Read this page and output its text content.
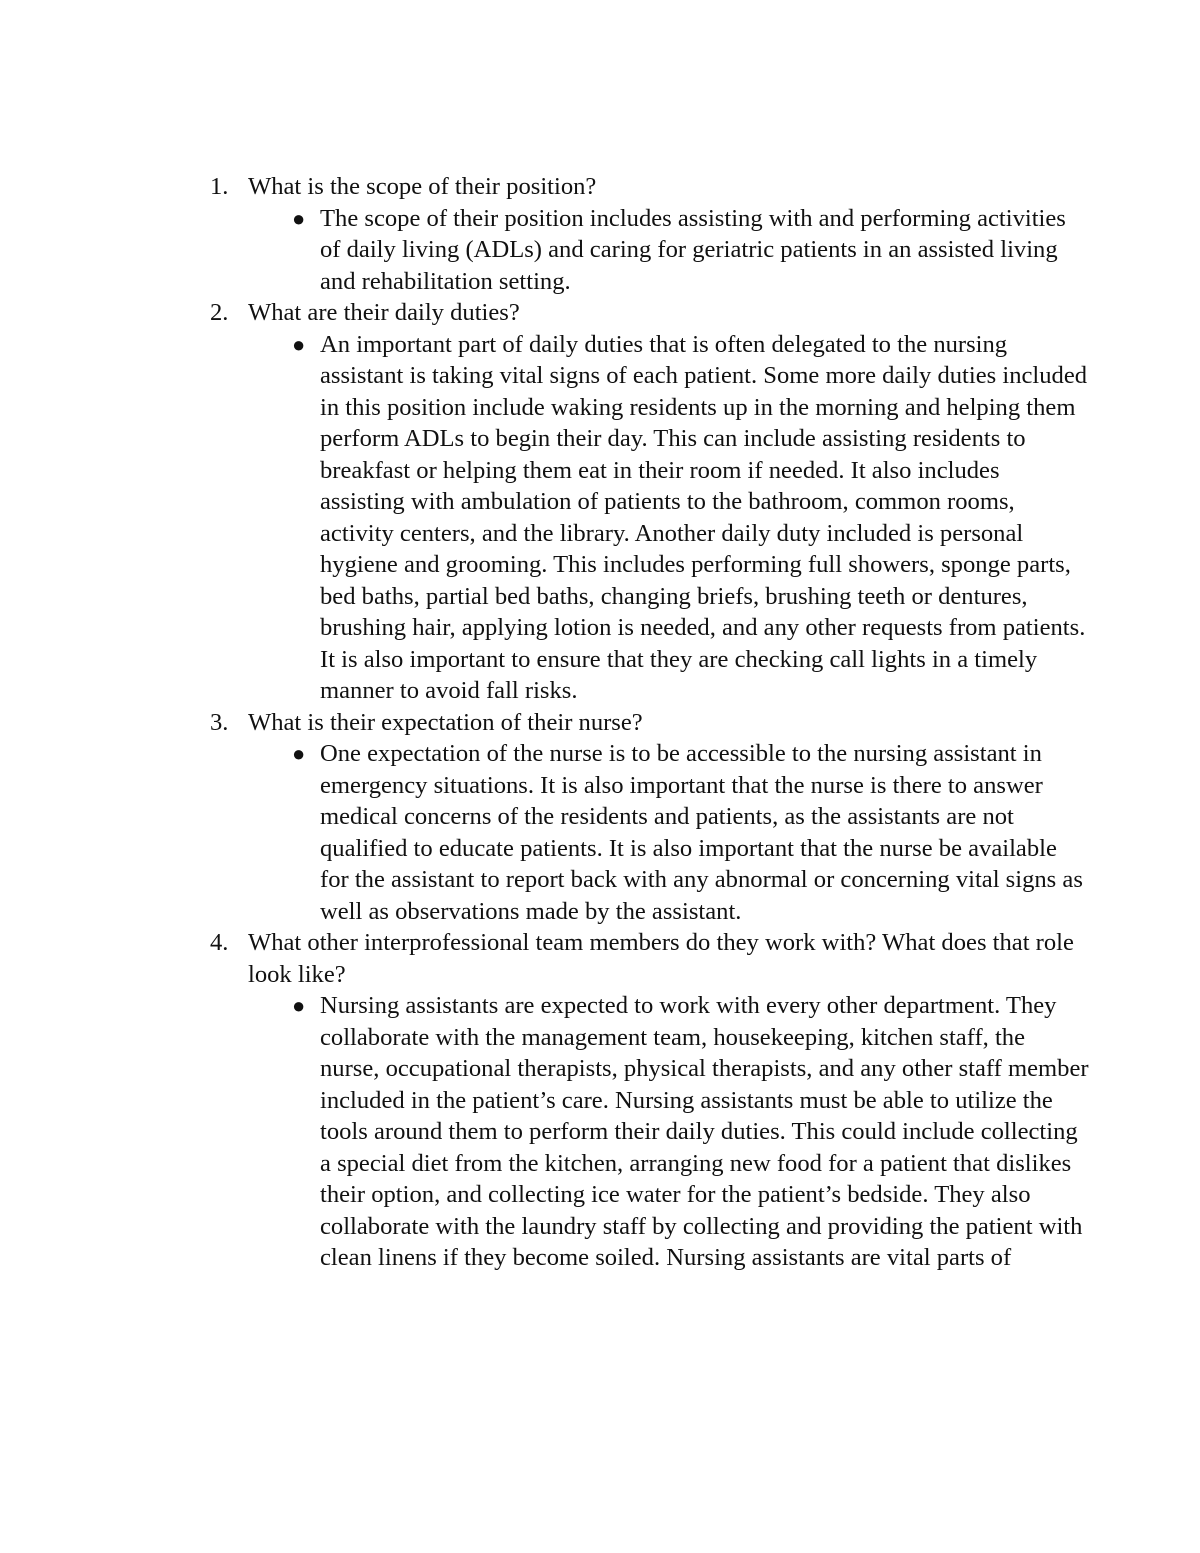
1. What is the scope of their position?
● The scope of their position includes assisting with and performing activities of daily living (ADLs) and caring for geriatric patients in an assisted living and rehabilitation setting.
2. What are their daily duties?
● An important part of daily duties that is often delegated to the nursing assistant is taking vital signs of each patient. Some more daily duties included in this position include waking residents up in the morning and helping them perform ADLs to begin their day. This can include assisting residents to breakfast or helping them eat in their room if needed. It also includes assisting with ambulation of patients to the bathroom, common rooms, activity centers, and the library. Another daily duty included is personal hygiene and grooming. This includes performing full showers, sponge parts, bed baths, partial bed baths, changing briefs, brushing teeth or dentures, brushing hair, applying lotion is needed, and any other requests from patients. It is also important to ensure that they are checking call lights in a timely manner to avoid fall risks.
3. What is their expectation of their nurse?
● One expectation of the nurse is to be accessible to the nursing assistant in emergency situations. It is also important that the nurse is there to answer medical concerns of the residents and patients, as the assistants are not qualified to educate patients. It is also important that the nurse be available for the assistant to report back with any abnormal or concerning vital signs as well as observations made by the assistant.
4. What other interprofessional team members do they work with? What does that role look like?
● Nursing assistants are expected to work with every other department. They collaborate with the management team, housekeeping, kitchen staff, the nurse, occupational therapists, physical therapists, and any other staff member included in the patient’s care. Nursing assistants must be able to utilize the tools around them to perform their daily duties. This could include collecting a special diet from the kitchen, arranging new food for a patient that dislikes their option, and collecting ice water for the patient’s bedside. They also collaborate with the laundry staff by collecting and providing the patient with clean linens if they become soiled. Nursing assistants are vital parts of
